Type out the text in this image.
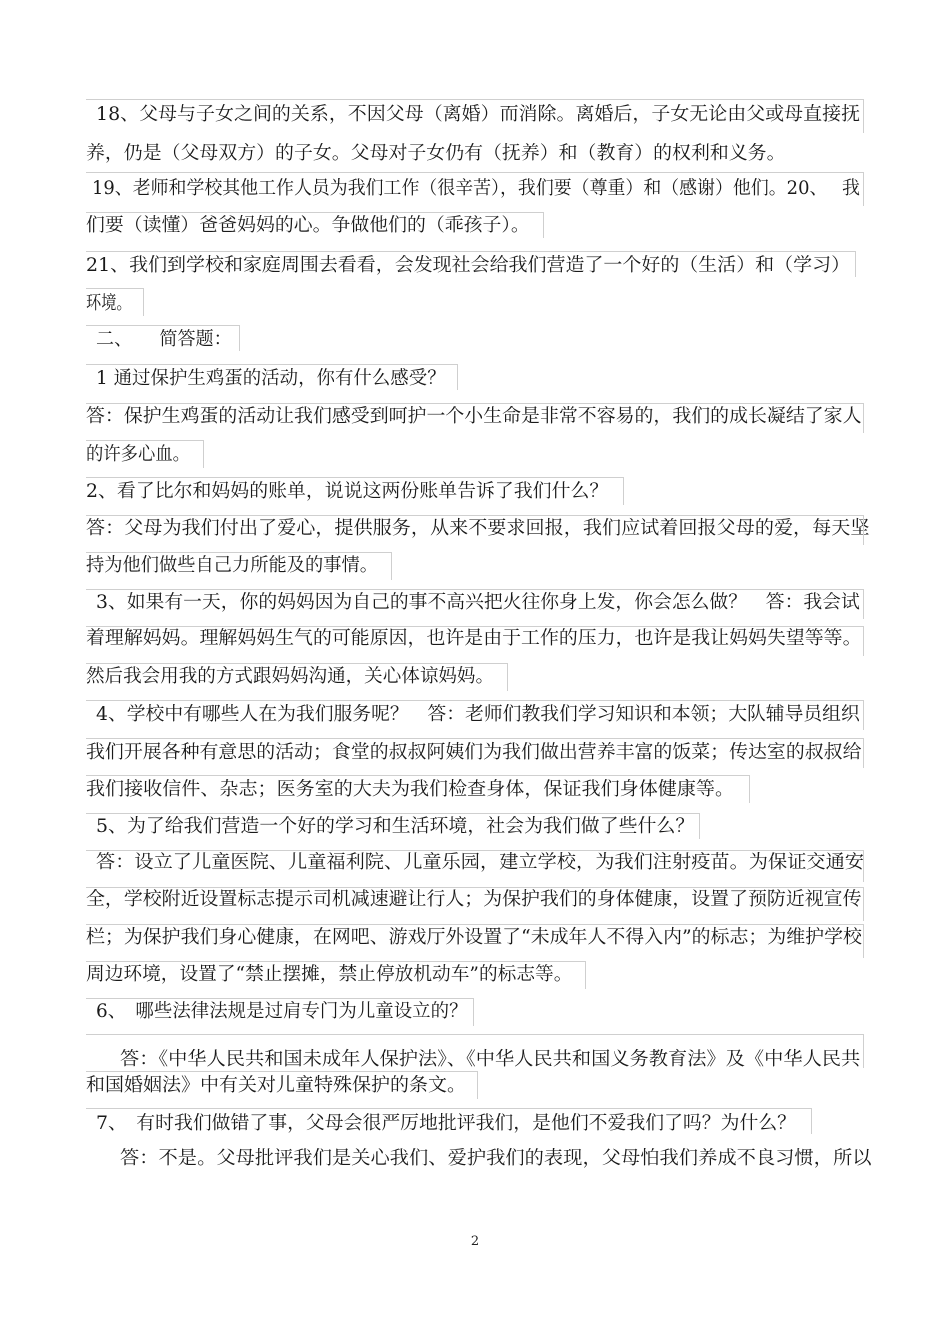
18、父母与子女之间的关系，不因父母（离婚）而消除。离婚后，子女无论由父或母直接抚
养，仍是（父母双方）的子女。父母对子女仍有（抚养）和（教育）的权利和义务。
19、老师和学校其他工作人员为我们工作（很辛苦），我们要（尊重）和（感谢）他们。20、　 我
们要（读懂）爸爸妈妈的心。争做他们的（乖孩子）。
21、我们到学校和家庭周围去看看，会发现社会给我们营造了一个好的（生活）和（学习）
环境。
二、　　简答题：
1 通过保护生鸡蛋的活动，你有什么感受？
答：保护生鸡蛋的活动让我们感受到呵护一个小生命是非常不容易的，我们的成长凝结了家人
的许多心血。
2、看了比尔和妈妈的账单，说说这两份账单告诉了我们什么？
答：父母为我们付出了爱心，提供服务，从来不要求回报，我们应试着回报父母的爱，每天坚
持为他们做些自己力所能及的事情。
3、如果有一天，你的妈妈因为自己的事不高兴把火往你身上发，你会怎么做？　答：我会试
着理解妈妈。理解妈妈生气的可能原因，也许是由于工作的压力，也许是我让妈妈失望等等。
然后我会用我的方式跟妈妈沟通，关心体谅妈妈。
4、学校中有哪些人在为我们服务呢？　答：老师们教我们学习知识和本领；大队辅导员组织
我们开展各种有意思的活动；食堂的叔叔阿姨们为我们做出营养丰富的饭菜；传达室的叔叔给
我们接收信件、杂志；医务室的大夫为我们检查身体，保证我们身体健康等。
5、为了给我们营造一个好的学习和生活环境，社会为我们做了些什么？
答：设立了儿童医院、儿童福利院、儿童乐园，建立学校，为我们注射疫苗。为保证交通安
全，学校附近设置标志提示司机减速避让行人；为保护我们的身体健康，设置了预防近视宣传
栏；为保护我们身心健康，在网吧、游戏厅外设置了“未成年人不得入内”的标志；为维护学校
周边环境，设置了“禁止摆摊，禁止停放机动车”的标志等。
6、　哪些法律法规是过肩专门为儿童设立的？
答：《中华人民共和国未成年人保护法》、《中华人民共和国义务教育法》及《中华人民共
和国婚姻法》中有关对儿童特殊保护的条文。
7、　有时我们做错了事，父母会很严厉地批评我们，是他们不爱我们了吗？为什么？
答：不是。父母批评我们是关心我们、爱护我们的表现，父母怕我们养成不良习惯，所以
2
